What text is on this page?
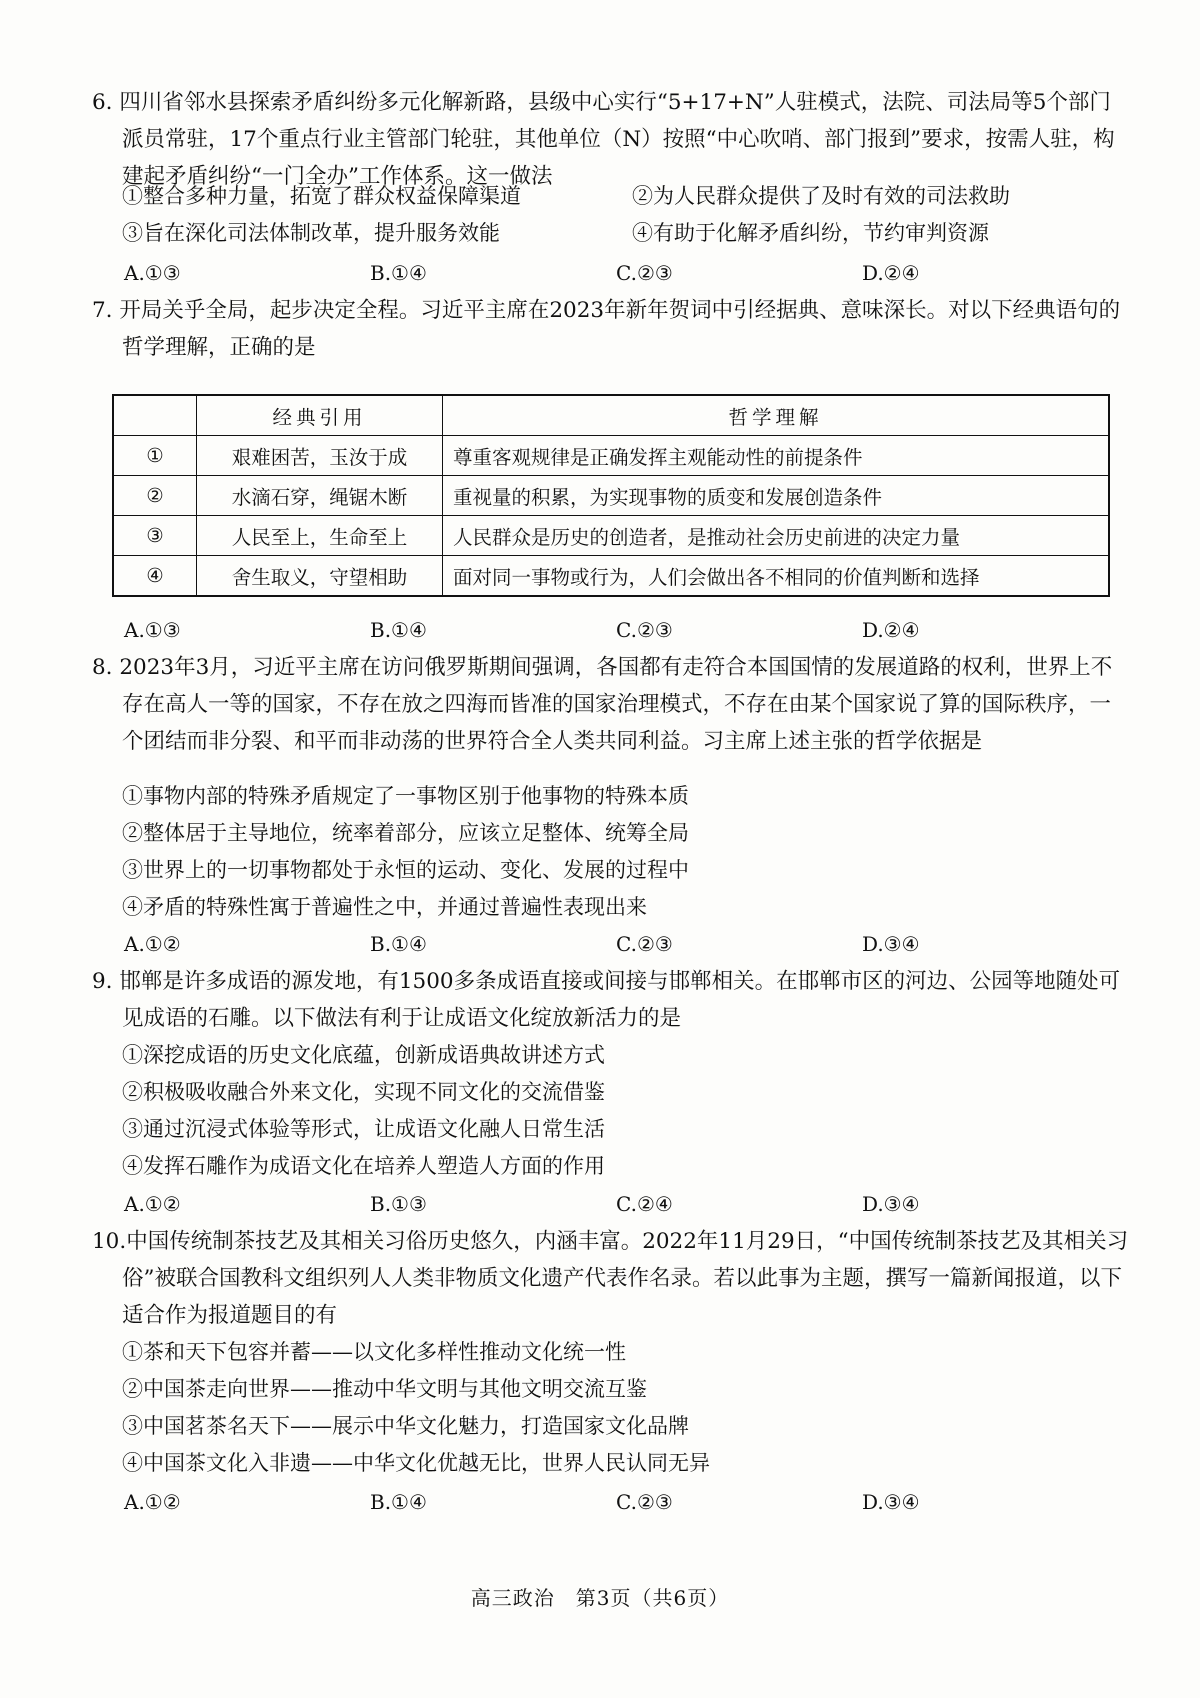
6. 四川省邻水县探索矛盾纠纷多元化解新路，县级中心实行“5+17+N”人驻模式，法院、司法局等5个部门派员常驻，17个重点行业主管部门轮驻，其他单位（N）按照“中心吹哨、部门报到”要求，按需人驻，构建起矛盾纠纷“一门全办”工作体系。这一做法
①整合多种力量，拓宽了群众权益保障渠道	②为人民群众提供了及时有效的司法救助
③旨在深化司法体制改革，提升服务效能	④有助于化解矛盾纠纷，节约审判资源
A.①③	B.①④	C.②③	D.②④
7. 开局关乎全局，起步决定全程。习近平主席在2023年新年贺词中引经据典、意味深长。对以下经典语句的哲学理解，正确的是
	经典引用	哲学理解
①	艰难困苦，玉汝于成	尊重客观规律是正确发挥主观能动性的前提条件
②	水滴石穿，绳锯木断	重视量的积累，为实现事物的质变和发展创造条件
③	人民至上，生命至上	人民群众是历史的创造者，是推动社会历史前进的决定力量
④	舍生取义，守望相助	面对同一事物或行为，人们会做出各不相同的价值判断和选择
A.①③	B.①④	C.②③	D.②④
8. 2023年3月，习近平主席在访问俄罗斯期间强调，各国都有走符合本国国情的发展道路的权利，世界上不存在高人一等的国家，不存在放之四海而皆准的国家治理模式，不存在由某个国家说了算的国际秩序，一个团结而非分裂、和平而非动荡的世界符合全人类共同利益。习主席上述主张的哲学依据是
①事物内部的特殊矛盾规定了一事物区别于他事物的特殊本质
②整体居于主导地位，统率着部分，应该立足整体、统筹全局
③世界上的一切事物都处于永恒的运动、变化、发展的过程中
④矛盾的特殊性寓于普遍性之中，并通过普遍性表现出来
A.①②	B.①④	C.②③	D.③④
9. 邯郸是许多成语的源发地，有1500多条成语直接或间接与邯郸相关。在邯郸市区的河边、公园等地随处可见成语的石雕。以下做法有利于让成语文化绽放新活力的是
①深挖成语的历史文化底蕴，创新成语典故讲述方式
②积极吸收融合外来文化，实现不同文化的交流借鉴
③通过沉浸式体验等形式，让成语文化融人日常生活
④发挥石雕作为成语文化在培养人塑造人方面的作用
A.①②	B.①③	C.②④	D.③④
10.中国传统制茶技艺及其相关习俗历史悠久，内涵丰富。2022年11月29日，“中国传统制茶技艺及其相关习俗”被联合国教科文组织列人人类非物质文化遗产代表作名录。若以此事为主题，撰写一篇新闻报道，以下适合作为报道题目的有
①茶和天下包容并蓄——以文化多样性推动文化统一性
②中国茶走向世界——推动中华文明与其他文明交流互鉴
③中国茗茶名天下——展示中华文化魅力，打造国家文化品牌
④中国茶文化入非遗——中华文化优越无比，世界人民认同无异
A.①②	B.①④	C.②③	D.③④
高三政治　第3页（共6页）
